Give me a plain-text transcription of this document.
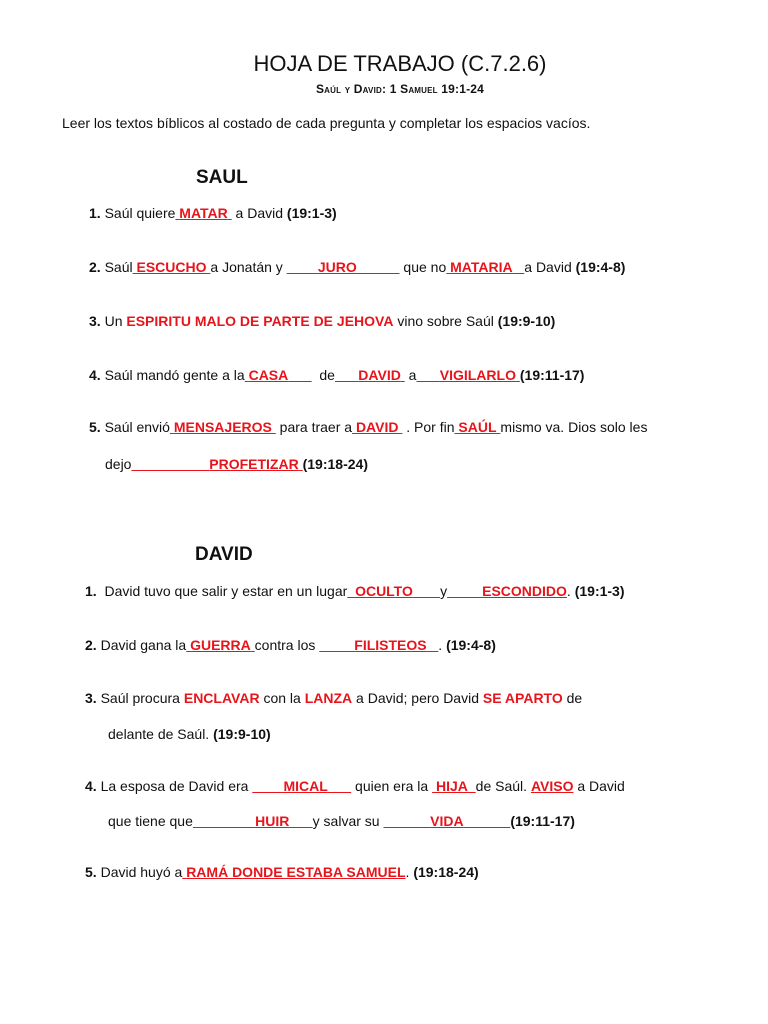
HOJA DE TRABAJO (C.7.2.6)
Saúl y David: 1 Samuel 19:1-24
Leer los textos bíblicos al costado de cada pregunta y completar los espacios vacíos.
SAUL
1. Saúl quiere MATAR a David (19:1-3)
2. Saúl ESCUCHO a Jonatán y	JURO	que no MATARIA a David (19:4-8)
3. Un ESPIRITU MALO DE PARTE DE JEHOVA vino sobre Saúl (19:9-10)
4. Saúl mandó gente a la CASA de DAVID a VIGILARLO (19:11-17)
5. Saúl envió MENSAJEROS para traer a DAVID . Por fin SAÚL mismo va. Dios solo les
dejo	PROFETIZAR (19:18-24)
DAVID
1. David tuvo que salir y estar en un lugar OCULTO y	ESCONDIDO. (19:1-3)
2. David gana la GUERRA contra los	FILISTEOS . (19:4-8)
3. Saúl procura ENCLAVAR con la LANZA a David; pero David SE APARTO de
delante de Saúl. (19:9-10)
4. La esposa de David era	MICAL quien era la HIJA de Saúl. AVISO a David
que tiene que	HUIR y salvar su	VIDA	(19:11-17)
5. David huyó a RAMÁ DONDE ESTABA SAMUEL. (19:18-24)
